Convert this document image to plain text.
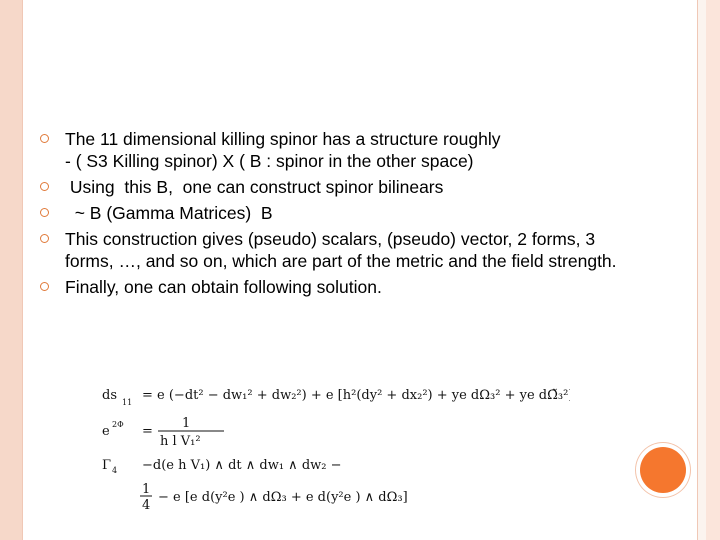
The 11 dimensional killing spinor has a structure roughly
- ( S3 Killing spinor) X ( B : spinor in the other space)
Using  this B,  one can construct spinor bilinears
~ B (Gamma Matrices)  B
This construction gives (pseudo) scalars, (pseudo) vector, 2 forms, 3 forms, …, and so on, which are part of the metric and the field strength.
Finally, one can obtain following solution.
ds 11 = e (−dt² − dw₁² + dw₂²) + e [h²(dy² + dx₂²) + ye dΩ₃² + ye dΩ̃₃²]
e 2Φ =
1
h l V₁²
Γ 4 −d(e h V₁) ∧ dt ∧ dw₁ ∧ dw₂ −
1
4
− e [e d(y²e ) ∧ dΩ₃ + e d(y²e ) ∧ dΩ₃]
